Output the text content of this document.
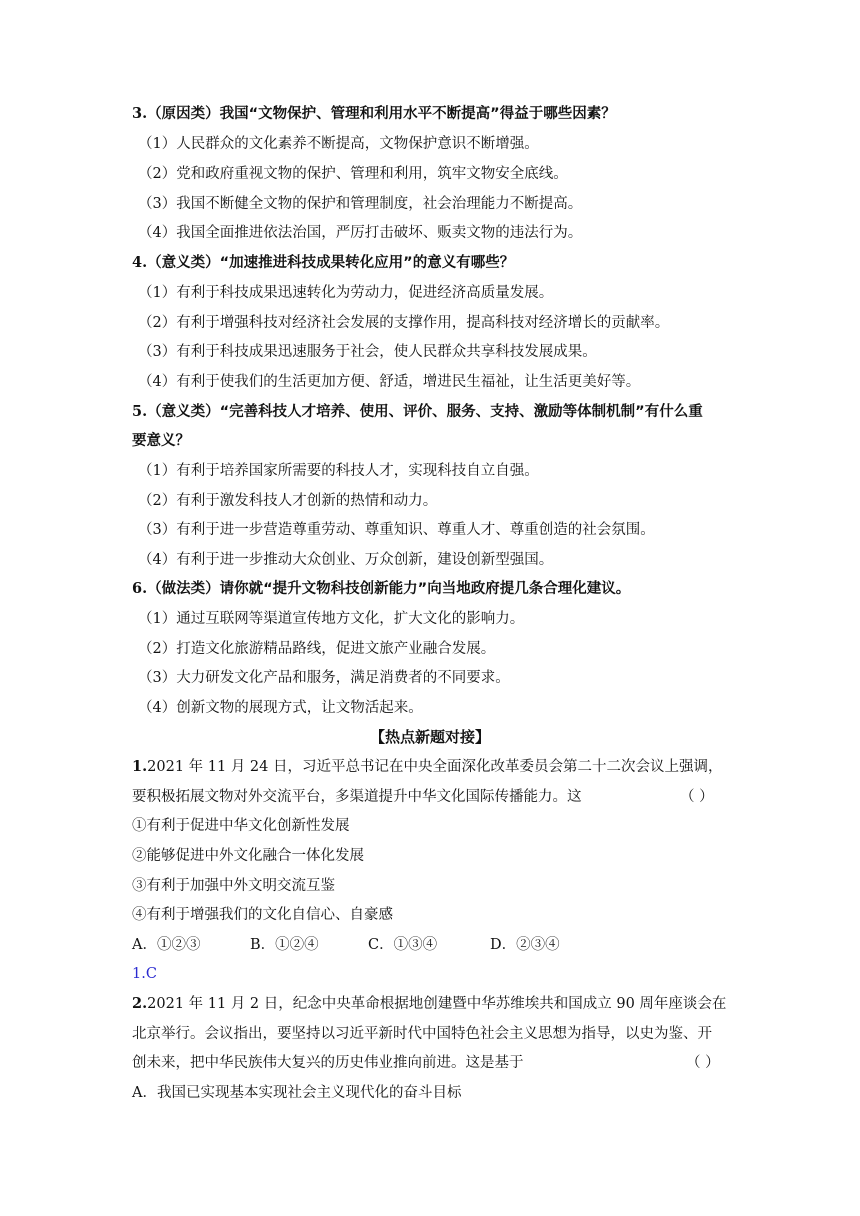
3.（原因类）我国“文物保护、管理和利用水平不断提高”得益于哪些因素？
（1）人民群众的文化素养不断提高，文物保护意识不断增强。
（2）党和政府重视文物的保护、管理和利用，筑牢文物安全底线。
（3）我国不断健全文物的保护和管理制度，社会治理能力不断提高。
（4）我国全面推进依法治国，严厉打击破坏、贩卖文物的违法行为。
4.（意义类）“加速推进科技成果转化应用”的意义有哪些？
（1）有利于科技成果迅速转化为劳动力，促进经济高质量发展。
（2）有利于增强科技对经济社会发展的支撑作用，提高科技对经济增长的贡献率。
（3）有利于科技成果迅速服务于社会，使人民群众共享科技发展成果。
（4）有利于使我们的生活更加方便、舒适，增进民生福祉，让生活更美好等。
5.（意义类）“完善科技人才培养、使用、评价、服务、支持、激励等体制机制”有什么重
要意义？
（1）有利于培养国家所需要的科技人才，实现科技自立自强。
（2）有利于激发科技人才创新的热情和动力。
（3）有利于进一步营造尊重劳动、尊重知识、尊重人才、尊重创造的社会氛围。
（4）有利于进一步推动大众创业、万众创新，建设创新型强国。
6.（做法类）请你就“提升文物科技创新能力”向当地政府提几条合理化建议。
（1）通过互联网等渠道宣传地方文化，扩大文化的影响力。
（2）打造文化旅游精品路线，促进文旅产业融合发展。
（3）大力研发文化产品和服务，满足消费者的不同要求。
（4）创新文物的展现方式，让文物活起来。
【热点新题对接】
1.2021 年 11 月 24 日，习近平总书记在中央全面深化改革委员会第二十二次会议上强调，
要积极拓展文物对外交流平台，多渠道提升中华文化国际传播能力。这	（ ）
①有利于促进中华文化创新性发展
②能够促进中外文化融合一体化发展
③有利于加强中外文明交流互鉴
④有利于增强我们的文化自信心、自豪感
A．①②③	B．①②④	C．①③④	D．②③④
1.C
2.2021 年 11 月 2 日，纪念中央革命根据地创建暨中华苏维埃共和国成立 90 周年座谈会在
北京举行。会议指出，要坚持以习近平新时代中国特色社会主义思想为指导，以史为鉴、开
创未来，把中华民族伟大复兴的历史伟业推向前进。这是基于	（ ）
A．我国已实现基本实现社会主义现代化的奋斗目标
